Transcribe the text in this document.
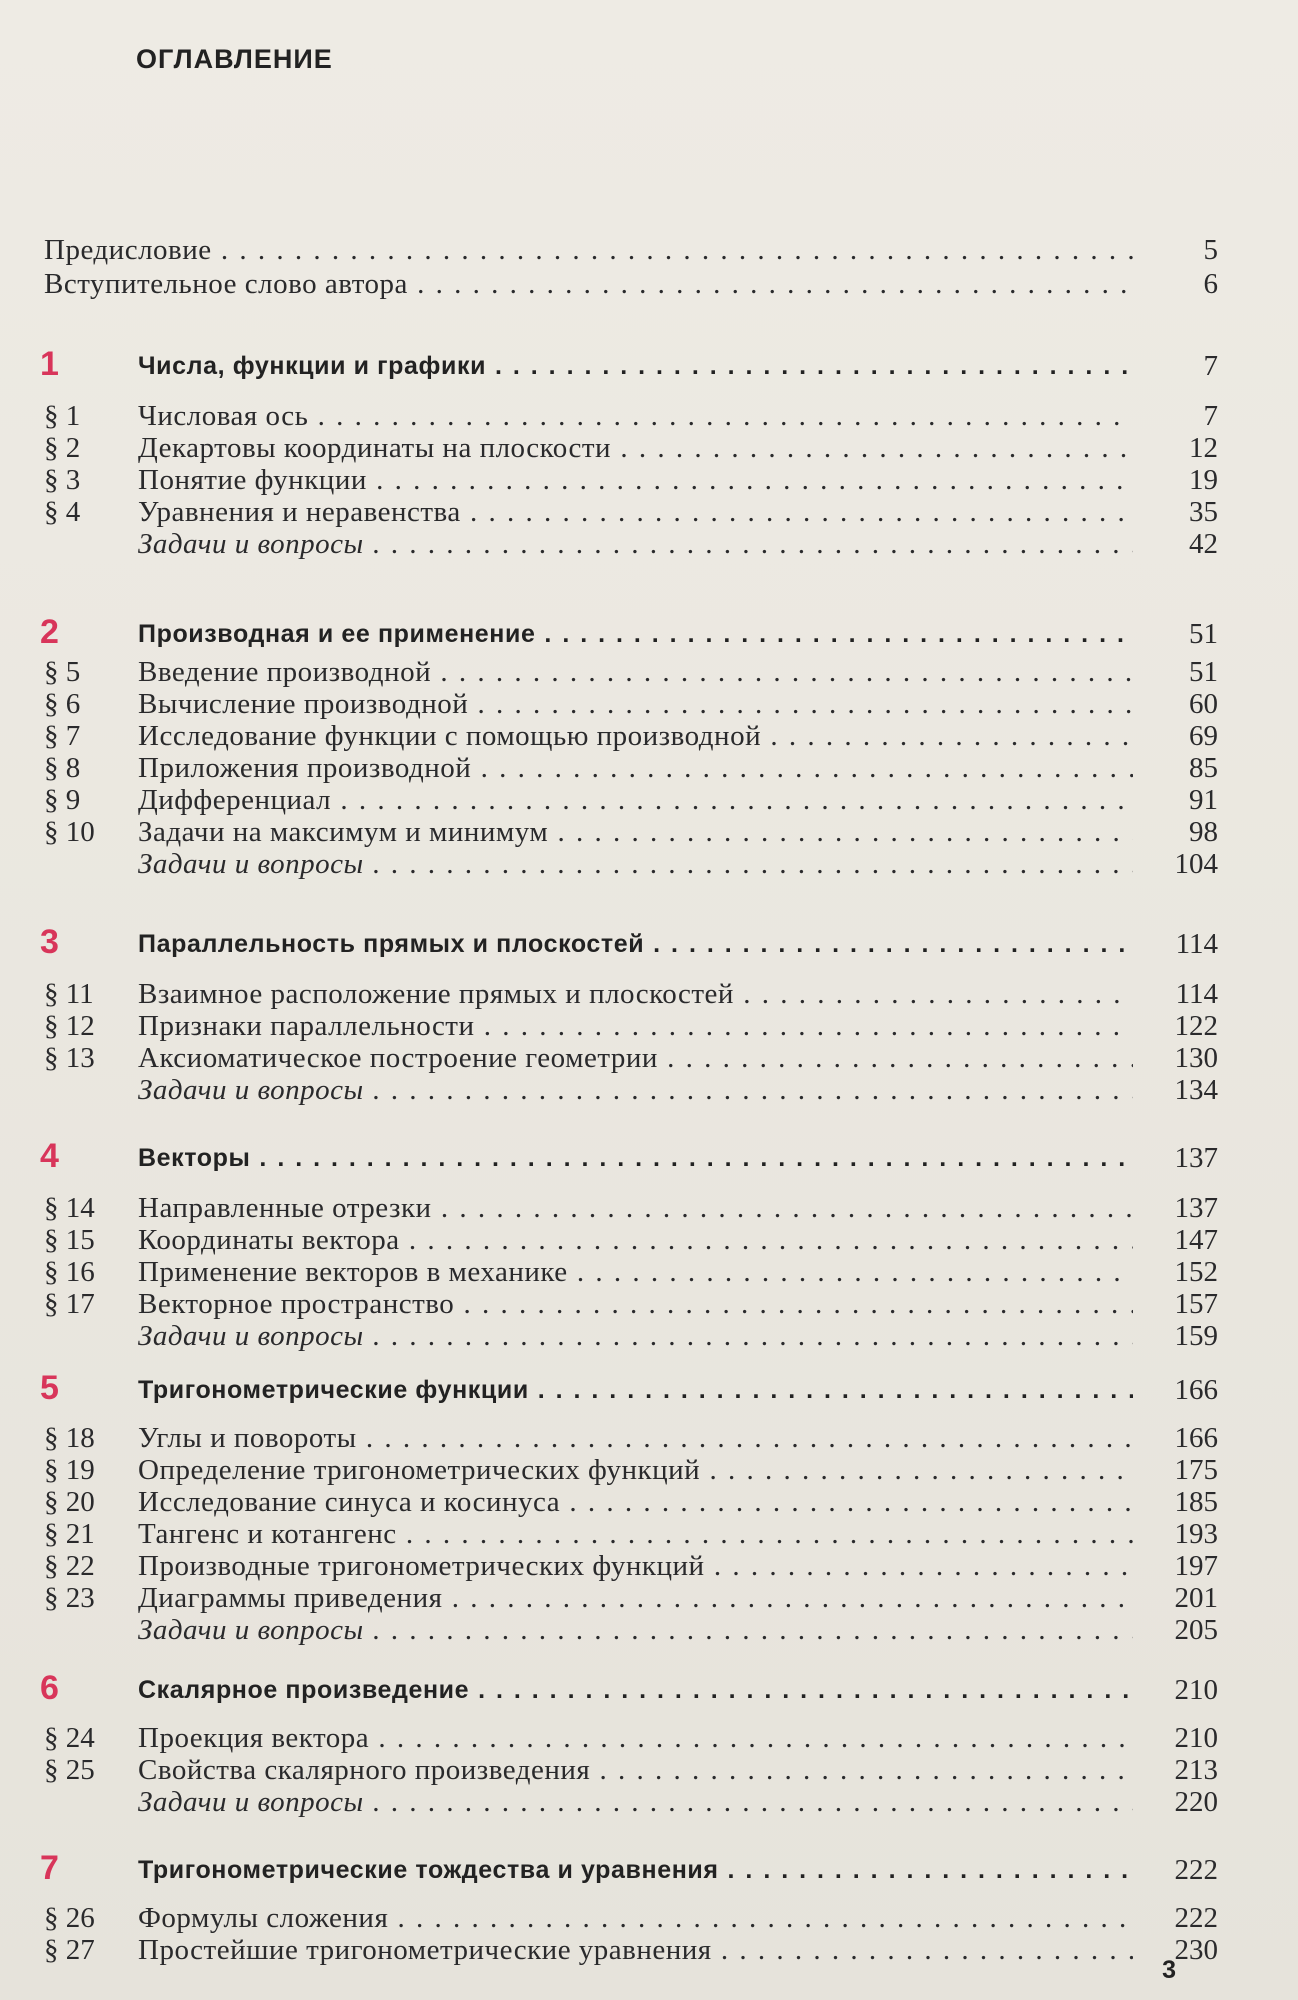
ОГЛАВЛЕНИЕ
Предисловие . .	5
Вступительное слово автора . .	6
1	Числа, функции и графики . .	7
§ 1 Числовая ось . .	7
§ 2 Декартовы координаты на плоскости . .	12
§ 3 Понятие функции . .	19
§ 4 Уравнения и неравенства . .	35
Задачи и вопросы . .	42
2	Производная и ее применение . .	51
§ 5 Введение производной . .	51
§ 6 Вычисление производной . .	60
§ 7 Исследование функции с помощью производной . .	69
§ 8 Приложения производной . .	85
§ 9 Дифференциал . .	91
§ 10 Задачи на максимум и минимум . .	98
Задачи и вопросы . .	104
3	Параллельность прямых и плоскостей . .	114
§ 11 Взаимное расположение прямых и плоскостей . .	114
§ 12 Признаки параллельности . .	122
§ 13 Аксиоматическое построение геометрии . .	130
Задачи и вопросы . .	134
4	Векторы . .	137
§ 14 Направленные отрезки . .	137
§ 15 Координаты вектора . .	147
§ 16 Применение векторов в механике . .	152
§ 17 Векторное пространство . .	157
Задачи и вопросы . .	159
5	Тригонометрические функции . .	166
§ 18 Углы и повороты . .	166
§ 19 Определение тригонометрических функций . .	175
§ 20 Исследование синуса и косинуса . .	185
§ 21 Тангенс и котангенс . .	193
§ 22 Производные тригонометрических функций . .	197
§ 23 Диаграммы приведения . .	201
Задачи и вопросы . .	205
6	Скалярное произведение . .	210
§ 24 Проекция вектора . .	210
§ 25 Свойства скалярного произведения . .	213
Задачи и вопросы . .	220
7	Тригонометрические тождества и уравнения . .	222
§ 26 Формулы сложения . .	222
§ 27 Простейшие тригонометрические уравнения . .	230
3
